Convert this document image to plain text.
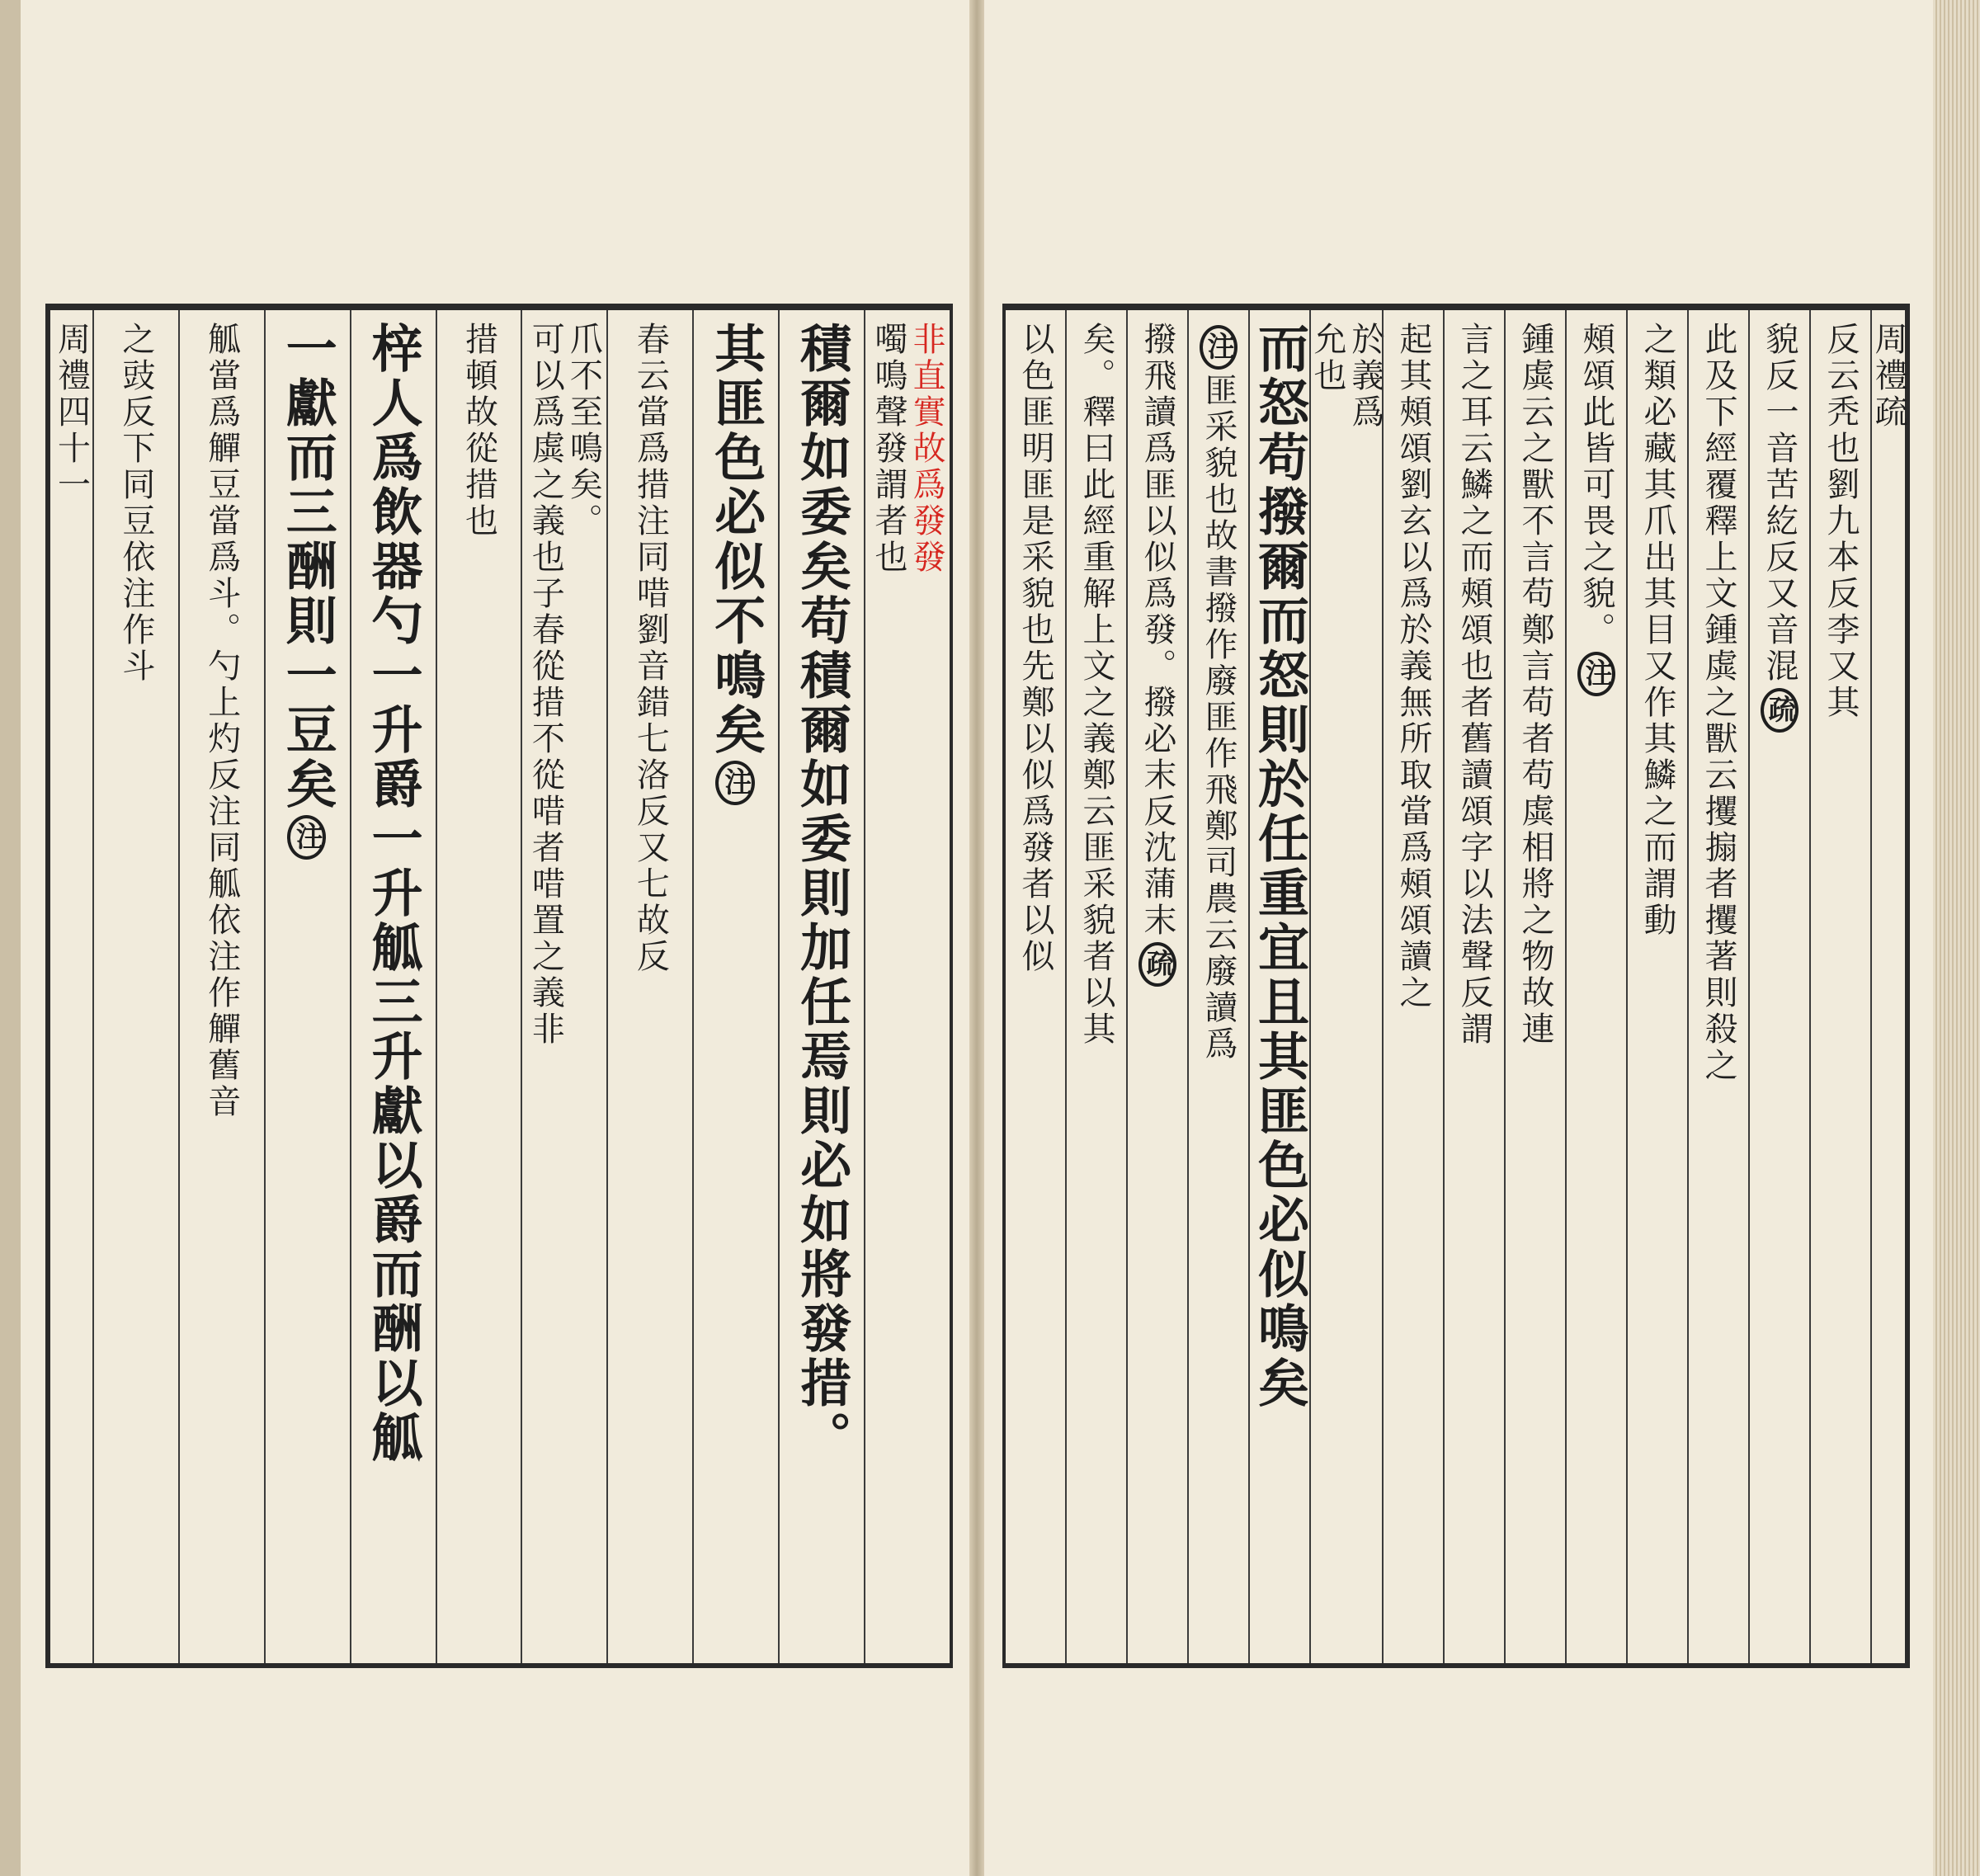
非直實故爲發發
噣鳴聲發謂者也
積爾如委矣苟積爾如委則加任焉則必如將發措。
其匪色必似不鳴矣注
春云當爲措注同唶劉音錯七洛反又七故反
爪不至鳴矣。
可以爲虡之義也子春從措不從唶者唶置之義非
措頓故從措也
梓人爲飲器勺一升爵一升觚三升獻以爵而酬以觚
一獻而三酬則一豆矣注
觚當爲觶豆當爲斗。勺上灼反注同觚依注作觶舊音
之豉反下同豆依注作斗
周禮四十一	周禮疏
反云秃也劉九本反李又其
貌反一音苦紇反又音混疏
此及下經覆釋上文鍾虡之獸云攫搧者攫著則殺之
之類必藏其爪出其目又作其鱗之而謂動
頰頌此皆可畏之貌。注
鍾虡云之獸不言苟鄭言苟者苟虡相將之物故連
言之耳云鱗之而頰頌也者舊讀頌字以法聲反謂
起其頰頌劉玄以爲於義無所取當爲頰頌讀之
於義爲
允也
而怒苟撥爾而怒則於任重宜且其匪色必似鳴矣
注匪采貌也故書撥作廢匪作飛鄭司農云廢讀爲
撥飛讀爲匪以似爲發。撥必末反沈蒲末疏
矣。釋曰此經重解上文之義鄭云匪采貌者以其
以色匪明匪是采貌也先鄭以似爲發者以似
